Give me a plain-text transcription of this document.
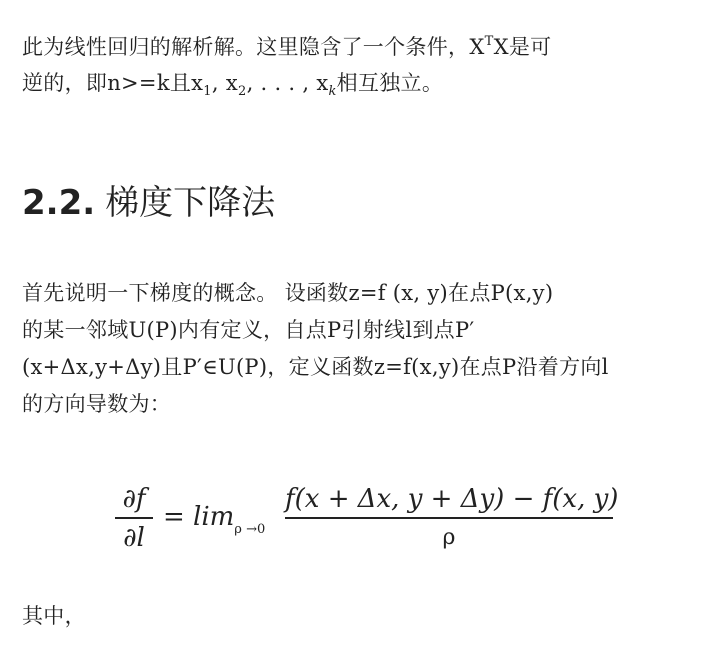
此为线性回归的解析解。这里隐含了一个条件，$X^TX$是可
逆的，即n>=k且$x_1$, $x_2$, . . . , $x_k$相互独立。

2.2. 梯度下降法

首先说明一下梯度的概念。 设函数z=f (x, y)在点P(x,y)
的某一邻域U(P)内有定义，自点P引射线l到点P′
(x+Δx,y+Δy)且P′∈U(P)，定义函数z=f(x,y)在点P沿着方向l
的方向导数为：

∂f
∂l
= $\lim_{\rho \to 0}$
f(x + Δx, y + Δy) − f(x, y)
ρ

其中，
